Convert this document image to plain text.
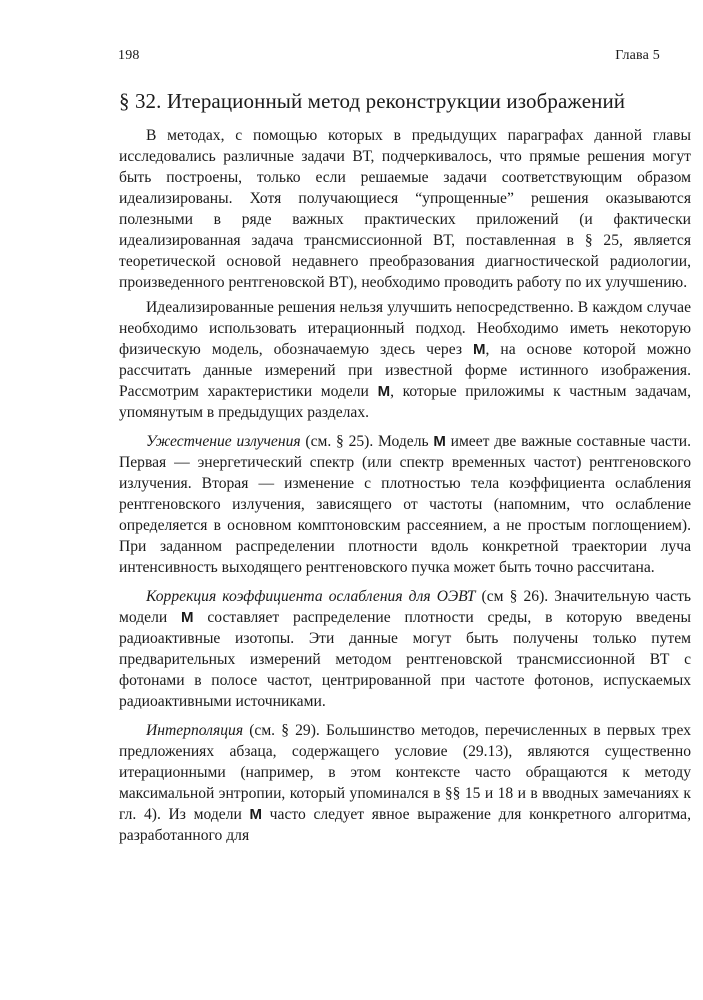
198	Глава 5
§ 32. Итерационный метод реконструкции изображений

В методах, с помощью которых в предыдущих параграфах данной главы исследовались различные задачи ВТ, подчеркивалось, что прямые решения могут быть построены, только если решаемые задачи соответствующим образом идеализированы. Хотя получающиеся “упрощенные” решения оказываются полезными в ряде важных практических приложений (и фактически идеализированная задача трансмиссионной ВТ, поставленная в § 25, является теоретической основой недавнего преобразования диагностической радиологии, произведенного рентгеновской ВТ), необходимо проводить работу по их улучшению.

Идеализированные решения нельзя улучшить непосредственно. В каждом случае необходимо использовать итерационный подход. Необходимо иметь некоторую физическую модель, обозначаемую здесь через М, на основе которой можно рассчитать данные измерений при известной форме истинного изображения. Рассмотрим характеристики модели М, которые приложимы к частным задачам, упомянутым в предыдущих разделах.

Ужестчение излучения (см. § 25). Модель М имеет две важные составные части. Первая — энергетический спектр (или спектр временных частот) рентгеновского излучения. Вторая — изменение с плотностью тела коэффициента ослабления рентгеновского излучения, зависящего от частоты (напомним, что ослабление определяется в основном комптоновским рассеянием, а не простым поглощением). При заданном распределении плотности вдоль конкретной траектории луча интенсивность выходящего рентгеновского пучка может быть точно рассчитана.

Коррекция коэффициента ослабления для ОЭВТ (см § 26). Значительную часть модели М составляет распределение плотности среды, в которую введены радиоактивные изотопы. Эти данные могут быть получены только путем предварительных измерений методом рентгеновской трансмиссионной ВТ с фотонами в полосе частот, центрированной при частоте фотонов, испускаемых радиоактивными источниками.

Интерполяция (см. § 29). Большинство методов, перечисленных в первых трех предложениях абзаца, содержащего условие (29.13), являются существенно итерационными (например, в этом контексте часто обращаются к методу максимальной энтропии, который упоминался в §§ 15 и 18 и в вводных замечаниях к гл. 4). Из модели М часто следует явное выражение для конкретного алгоритма, разработанного для
